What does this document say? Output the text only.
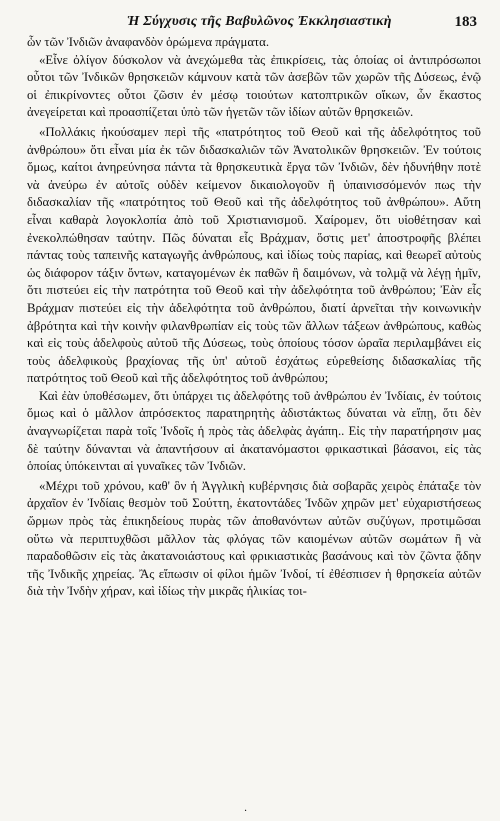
Ἡ Σύγχυσις τῆς Βαβυλῶνος Ἐκκλησιαστικὴ	183

ὧν τῶν Ἰνδιῶν ἀναφανδὸν ὁρώμενα πράγματα.

«Εἶνε ὀλίγον δύσκολον νὰ ἀνεχώμεθα τὰς ἐπικρίσεις, τὰς ὁποίας οἱ ἀντιπρόσωποι οὗτοι τῶν Ἰνδικῶν θρησκειῶν κάμνουν κατὰ τῶν ἀσεβῶν τῶν χωρῶν τῆς Δύσεως, ἐνῷ οἱ ἐπικρίνοντες οὗτοι ζῶσιν ἐν μέσῳ τοιούτων κατοπτρικῶν οἴκων, ὧν ἕκαστος ἀνεγείρεται καὶ προασπίζεται ὑπὸ τῶν ἡγετῶν τῶν ἰδίων αὐτῶν θρησκειῶν.

«Πολλάκις ἠκούσαμεν περὶ τῆς «πατρότητος τοῦ Θεοῦ καὶ τῆς ἀδελφότητος τοῦ ἀνθρώπου» ὅτι εἶναι μία ἐκ τῶν διδασκαλιῶν τῶν Ἀνατολικῶν θρησκειῶν. Ἐν τούτοις ὅμως, καίτοι ἀνηρεύνησα πάντα τὰ θρησκευτικὰ ἔργα τῶν Ἰνδιῶν, δὲν ἠδυνήθην ποτὲ νὰ ἀνεύρω ἐν αὐτοῖς οὐδὲν κείμενον δικαιολογοῦν ἢ ὑπαινισσόμενόν πως τὴν διδασκαλίαν τῆς «πατρότητος τοῦ Θεοῦ καὶ τῆς ἀδελφότητος τοῦ ἀνθρώπου». Αὕτη εἶναι καθαρὰ λογοκλοπία ἀπὸ τοῦ Χριστιανισμοῦ. Χαίρομεν, ὅτι υἱοθέτησαν καὶ ἐνεκολπώθησαν ταύτην. Πῶς δύναται εἷς Βράχμαν, ὅστις μετ' ἀποστροφῆς βλέπει πάντας τοὺς ταπεινῆς καταγωγῆς ἀνθρώπους, καὶ ἰδίως τοὺς παρίας, καὶ θεωρεῖ αὐτοὺς ὡς διάφορον τάξιν ὄντων, καταγομένων ἐκ παθῶν ἢ δαιμόνων, νὰ τολμᾷ νὰ λέγῃ ἡμῖν, ὅτι πιστεύει εἰς τὴν πατρότητα τοῦ Θεοῦ καὶ τὴν ἀδελφότητα τοῦ ἀνθρώπου; Ἐὰν εἷς Βράχμαν πιστεύει εἰς τὴν ἀδελφότητα τοῦ ἀνθρώπου, διατί ἀρνεῖται τὴν κοινωνικὴν ἀβρότητα καὶ τὴν κοινὴν φιλανθρωπίαν εἰς τοὺς τῶν ἄλλων τάξεων ἀνθρώπους, καθὼς καὶ εἰς τοὺς ἀδελφοὺς αὐτοῦ τῆς Δύσεως, τοὺς ὁποίους τόσον ὡραῖα περιλαμβάνει εἰς τοὺς ἀδελφικοὺς βραχίονας τῆς ὑπ' αὐτοῦ ἐσχάτως εὑρεθείσης διδασκαλίας τῆς πατρότητος τοῦ Θεοῦ καὶ τῆς ἀδελφότητος τοῦ ἀνθρώπου;

Καὶ ἐὰν ὑποθέσωμεν, ὅτι ὑπάρχει τις ἀδελφότης τοῦ ἀνθρώπου ἐν Ἰνδίαις, ἐν τούτοις ὅμως καὶ ὁ μᾶλλον ἀπρόσεκτος παρατηρητὴς ἀδιστάκτως δύναται νὰ εἴπῃ, ὅτι δὲν ἀναγνωρίζεται παρὰ τοῖς Ἰνδοῖς ἡ πρὸς τὰς ἀδελφὰς ἀγάπη.. Εἰς τὴν παρατήρησιν μας δὲ ταύτην δύνανται νὰ ἀπαντήσουν αἱ ἀκατανόμαστοι φρικαστικαὶ βάσανοι, εἰς τὰς ὁποίας ὑπόκεινται αἱ γυναῖκες τῶν Ἰνδιῶν.

«Μέχρι τοῦ χρόνου, καθ' ὃν ἡ Ἀγγλικὴ κυβέρνησις διὰ σοβαρᾶς χειρὸς ἐπάταξε τὸν ἀρχαῖον ἐν Ἰνδίαις θεσμὸν τοῦ Σούττη, ἑκατοντάδες Ἰνδῶν χηρῶν μετ' εὐχαριστήσεως ὥρμων πρὸς τὰς ἐπικηδείους πυρὰς τῶν ἀποθανόντων αὐτῶν συζύγων, προτιμῶσαι οὕτω νὰ περιπτυχθῶσι μᾶλλον τὰς φλόγας τῶν καιομένων αὐτῶν σωμάτων ἢ νὰ παραδοθῶσιν εἰς τὰς ἀκατανοιάστους καὶ φρικιαστικὰς βασάνους καὶ τὸν ζῶντα ᾅδην τῆς Ἰνδικῆς χηρείας. Ἂς εἴπωσιν οἱ φίλοι ἡμῶν Ἰνδοί, τί ἐθέσπισεν ἡ θρησκεία αὐτῶν διὰ τὴν Ἰνδὴν χήραν, καὶ ἰδίως τὴν μικρᾶς ἡλικίας τοι-

·
